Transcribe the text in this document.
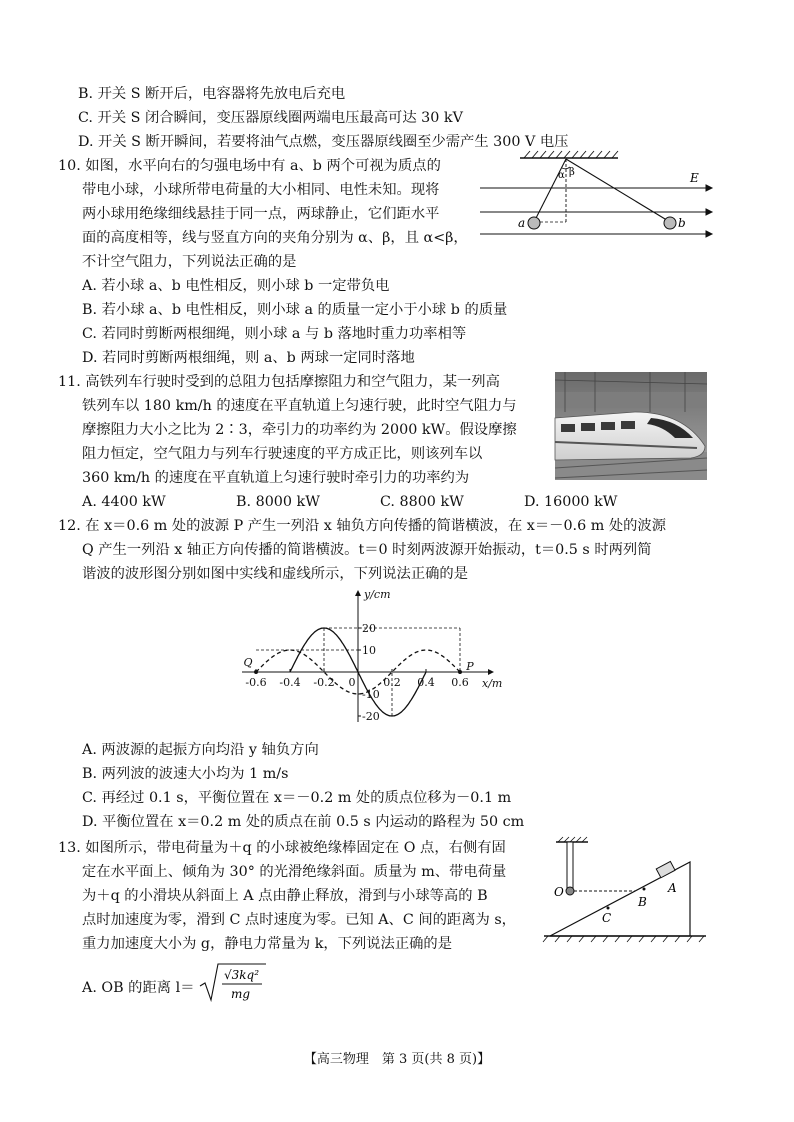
B. 开关 S 断开后，电容器将先放电后充电
C. 开关 S 闭合瞬间，变压器原线圈两端电压最高可达 30 kV
D. 开关 S 断开瞬间，若要将油气点燃，变压器原线圈至少需产生 300 V 电压
10. 如图，水平向右的匀强电场中有 a、b 两个可视为质点的
带电小球，小球所带电荷量的大小相同、电性未知。现将
两小球用绝缘细线悬挂于同一点，两球静止，它们距水平
面的高度相等，线与竖直方向的夹角分别为 α、β，且 α<β，
不计空气阻力，下列说法正确的是
A. 若小球 a、b 电性相反，则小球 b 一定带负电
B. 若小球 a、b 电性相反，则小球 a 的质量一定小于小球 b 的质量
C. 若同时剪断两根细绳，则小球 a 与 b 落地时重力功率相等
D. 若同时剪断两根细绳，则 a、b 两球一定同时落地
E
α β
a	b
11. 高铁列车行驶时受到的总阻力包括摩擦阻力和空气阻力，某一列高
铁列车以 180 km/h 的速度在平直轨道上匀速行驶，此时空气阻力与
摩擦阻力大小之比为 2∶3，牵引力的功率约为 2000 kW。假设摩擦
阻力恒定，空气阻力与列车行驶速度的平方成正比，则该列车以
360 km/h 的速度在平直轨道上匀速行驶时牵引力的功率约为
A. 4400 kW	B. 8000 kW	C. 8800 kW	D. 16000 kW
12. 在 x＝0.6 m 处的波源 P 产生一列沿 x 轴负方向传播的简谐横波，在 x＝－0.6 m 处的波源
Q 产生一列沿 x 轴正方向传播的简谐横波。t＝0 时刻两波源开始振动，t＝0.5 s 时两列简
谐波的波形图分别如图中实线和虚线所示，下列说法正确的是
y/cm
x/m
-0.6 -0.4 -0.2 0	0.2 0.4 0.6
20
10
-10
-20
Q	P
A. 两波源的起振方向均沿 y 轴负方向
B. 两列波的波速大小均为 1 m/s
C. 再经过 0.1 s，平衡位置在 x＝－0.2 m 处的质点位移为－0.1 m
D. 平衡位置在 x＝0.2 m 处的质点在前 0.5 s 内运动的路程为 50 cm
13. 如图所示，带电荷量为＋q 的小球被绝缘棒固定在 O 点，右侧有固
定在水平面上、倾角为 30° 的光滑绝缘斜面。质量为 m、带电荷量
为＋q 的小滑块从斜面上 A 点由静止释放，滑到与小球等高的 B
点时加速度为零，滑到 C 点时速度为零。已知 A、C 间的距离为 s，
重力加速度大小为 g，静电力常量为 k，下列说法正确的是
A. OB 的距离 l＝
√3kq²
mg
O	A
B
C
【高三物理　第 3 页(共 8 页)】
